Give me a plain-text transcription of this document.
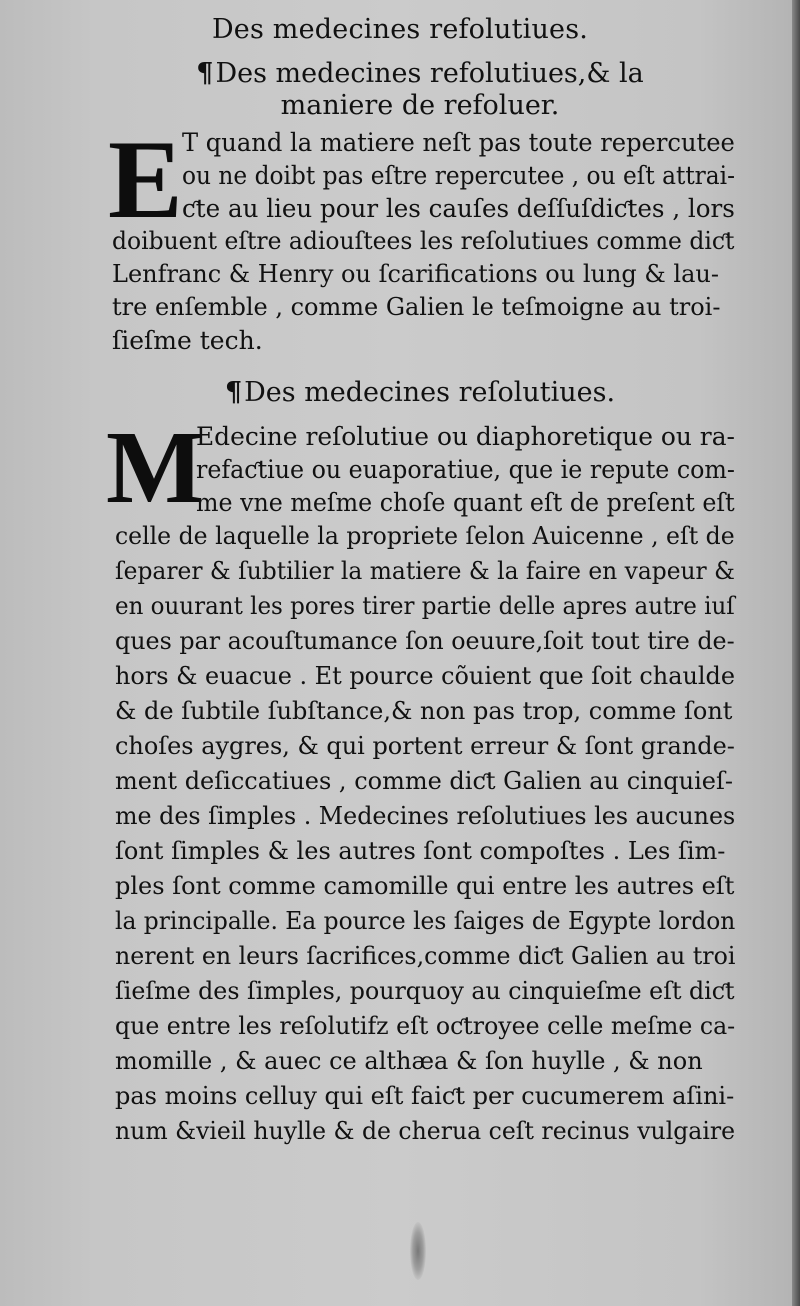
Des medecines refolutiues.
¶Des medecines refolutiues,& la
maniere de refoluer.
E T quand la matiere neſt pas toute repercutee
ou ne doibt pas eſtre repercutee , ou eſt attrai-
ƈte au lieu pour les cauſes deſſuſdiƈtes , lors
doibuent eſtre adiouſtees les reſolutiues comme diƈt
Lenfranc & Henry ou ſcarifications ou lung & lau-
tre enſemble , comme Galien le teſmoigne au troi-
ſieſme tech.
¶Des medecines reſolutiues.
M
Edecine reſolutiue ou diaphoretique ou ra-
refaƈtiue ou euaporatiue, que ie repute com-
me vne meſme choſe quant eſt de preſent eſt
celle de laquelle la propriete ſelon Auicenne , eſt de
ſeparer & ſubtilier la matiere & la faire en vapeur &
en ouurant les pores tirer partie delle apres autre iuſ
ques par acouſtumance ſon oeuure,ſoit tout tire de-
hors & euacue . Et pource cõuient que ſoit chaulde
& de ſubtile ſubſtance,& non pas trop, comme ſont
choſes aygres, & qui portent erreur & ſont grande-
ment deſiccatiues , comme diƈt Galien au cinquieſ-
me des ſimples . Medecines reſolutiues les aucunes
ſont ſimples & les autres ſont compoſtes . Les ſim-
ples ſont comme camomille qui entre les autres eſt
la principalle. Ea pource les ſaiges de Egypte lordon
nerent en leurs ſacrifices,comme diƈt Galien au troi
ſieſme des ſimples, pourquoy au cinquieſme eſt diƈt
que entre les reſolutifz eſt oƈtroyee celle meſme ca-
momille , & auec ce althæa & ſon huylle , & non
pas moins celluy qui eſt faiƈt per cucumerem aſini-
num &vieil huylle & de cherua ceſt recinus vulgaire
